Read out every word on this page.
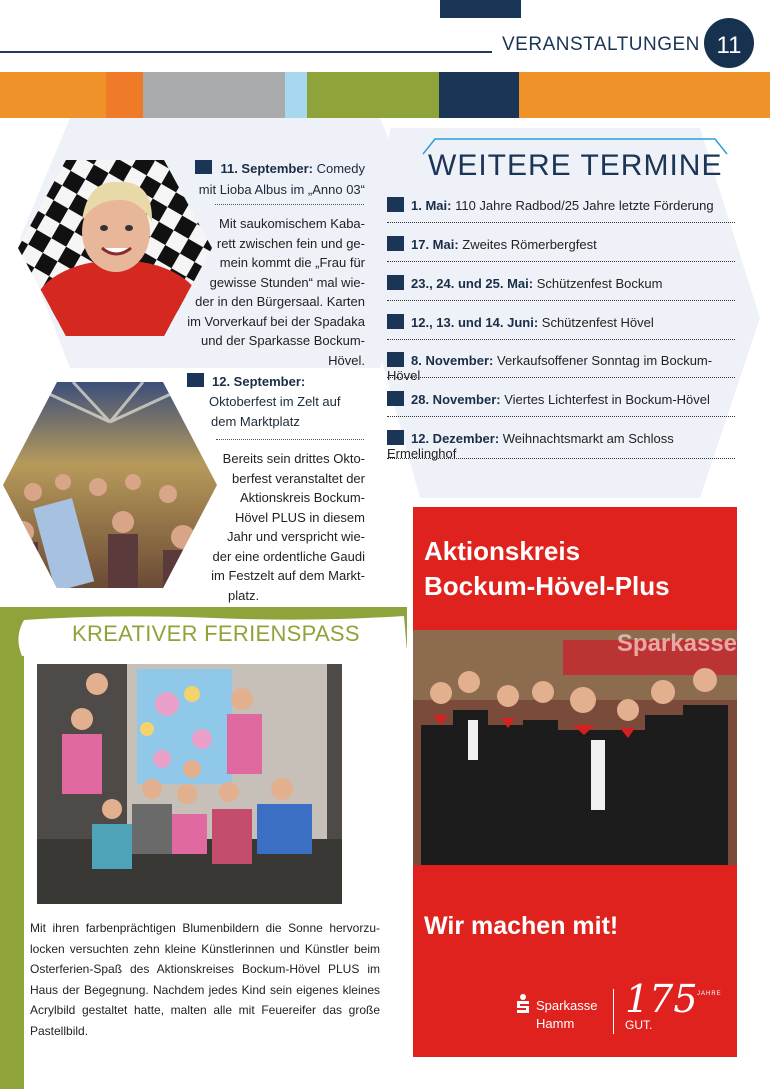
VERANSTALTUNGEN 11
11. September: Comedy
mit Lioba Albus im „Anno 03“
Mit saukomischem Kaba-
rett zwischen fein und ge-
mein kommt die „Frau für
gewisse Stunden“ mal wie-
der in den Bürgersaal. Karten
im Vorverkauf bei der Spadaka
und der Sparkasse Bockum-Hövel.
12. September:
Oktoberfest im Zelt auf
dem Marktplatz
Bereits sein drittes Okto-
berfest veranstaltet der
Aktionskreis Bockum-
Hövel PLUS in diesem
Jahr und verspricht wie-
der eine ordentliche Gaudi
im Festzelt auf dem Markt-
platz.
WEITERE TERMINE
1. Mai: 110 Jahre Radbod/25 Jahre letzte Förderung
17. Mai: Zweites Römerbergfest
23., 24. und 25. Mai: Schützenfest Bockum
12., 13. und 14. Juni: Schützenfest Hövel
8. November: Verkaufsoffener Sonntag im Bockum-Hövel
28. November: Viertes Lichterfest in Bockum-Hövel
12. Dezember: Weihnachtsmarkt am Schloss Ermelinghof
KREATIVER FERIENSPASS
Mit ihren farbenprächtigen Blumenbildern die Sonne hervorzu-
locken versuchten zehn kleine Künstlerinnen und Künstler beim
Osterferien-Spaß des Aktionskreises Bockum-Hövel PLUS im
Haus der Begegnung. Nachdem jedes Kind sein eigenes kleines
Acrylbild gestaltet hatte, malten alle mit Feuereifer das große
Pastellbild.
Aktionskreis
Bockum-Hövel-Plus
Sparkasse
Wir machen mit!
Sparkasse
Hamm
175 JAHRE
GUT.
